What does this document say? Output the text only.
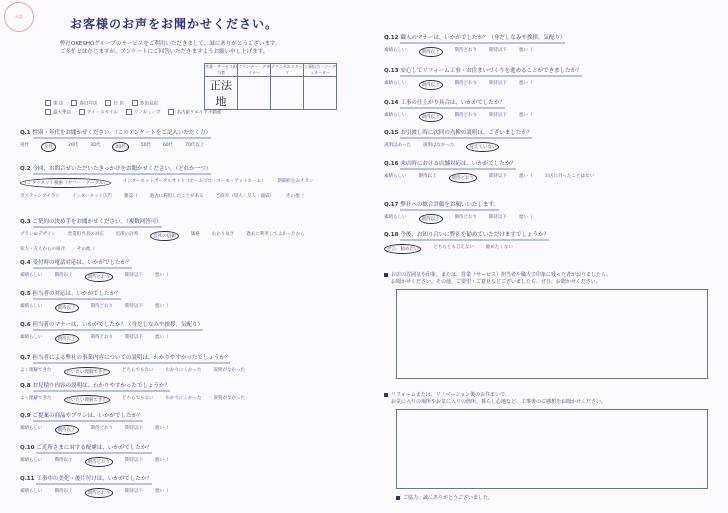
承認
お客様のお声をお聞かせください。
弊社OKESHOグループのサービスをご利用いただきまして、誠にありがとうございます。
ご多忙とは存じますが、アンケートにご回答いただきますようお願い申し上げます。
営業・サービス担当者	プランナー・デザイナー	テクニカルスタッフ	工事担当・コーディネーター
正法地			
東 店	春日井店	日 店	多治見店
最大季店	アイ・スタイル	リノキューブ	名古屋リエイド不動産
Q.1 性別・年代をお聞かせください。（このアンケートをご記入いただく方）
男性	女性	20代	30代	40代	50代	60代	70代以上
Q.2 今回、お問合せいただいたきっかけをお聞かせください。（どれか一つ）
インターネット検索（ヤフー・グーグル）	インターネットポータルサイト（ホームプロ・スーモ・アットホーム）	新聞折込みチラシ
ポスティングチラシ	インターネット広告	雑誌（	過去に利用したことがある	ご紹介（知人・友人・親戚）	その他（
Q.3 ご契約の決め手をお聞かせください。（複数回答可）
プランorデザイン	営業担当者の対応	近所の評判	会社の信頼	価格	わかり易さ	過去に利用してよかったから
知人・友人からの紹介	その他（
Q.4 受付時の電話対応は、いかがでしたか？
素晴らしい	期待以上	期待どおり	期待以下	悪い（
Q.5 担当者の対応は、いかがでしたか？
素晴らしい	期待以上	期待どおり	期待以下	悪い（
Q.6 担当者のマナーは、いかがでしたか？（身だしなみや挨拶、気配り）
素晴らしい	期待以上	期待どおり	期待以下	悪い（
Q.7 担当者による弊社の事業内容についての説明は、わかりやすかったでしょうか？
よく理解できた	だいたい理解できた	どちらでもない	わかりにくかった	説明がなかった
Q.8 お見積り内容の説明は、わかりやすかったでしょうか？
よく理解できた	だいたい理解できた	どちらでもない	わかりにくかった	説明がなかった
Q.9 ご提案の商品やプランは、いかがでしたか？
素晴らしい	期待以上	期待どおり	期待以下	悪い（
Q.10 ご近所さまに対する配慮は、いかがでしたか？
素晴らしい	期待以上	期待どおり	期待以下	悪い（
Q.11 工事中の美化・後片付けは、いかがでしたか？
素晴らしい	期待以上	期待どおり	期待以下	悪い（
Q.12 職人のマナーは、いかがでしたか？（身だしなみや挨拶、気配り）
素晴らしい	期待以上	期待どおり	期待以下	悪い（
Q.13 安心してリフォーム工事・お住まいづくりを進めることができましたか？
素晴らしい	期待以上	期待どおり	期待以下	悪い（
Q.14 工事の仕上がり具合は、いかがでしたか？
素晴らしい	期待以上	期待どおり	期待以下	悪い（
Q.15 お引渡し時に次回の点検の説明は、ございましたか？
説明はあった	説明はなかった	覚えていない
Q.16 来店時における店舗対応は、いかがでしたか？
素晴らしい	期待以上	期待どおり	期待以下	悪い（	お店に行ったことはない
Q.17 弊社への総合評価をお願いいたします。
素晴らしい	期待以上	期待どおり	期待以下	悪い（
Q.18 今後、お知り合いに弊社を勧めていただけますでしょうか？
ぜひ、勧めたい	どちらとも言えない	勧めたくない
お店の雰囲気や印象、または、営業（サービス）担当者や職人で印象に残った者がおりましたら、
お聞かせください。その他、ご要望・ご意見などございましたら、ぜひ、お聞かせください。
リフォームまたは、リノベーション後のお住まいで、
お気に入りの場所やお気に入りの箇所、暮らし心地など、工事後のご感想をお聞かせください。
ご協力、誠にありがとうございました。
